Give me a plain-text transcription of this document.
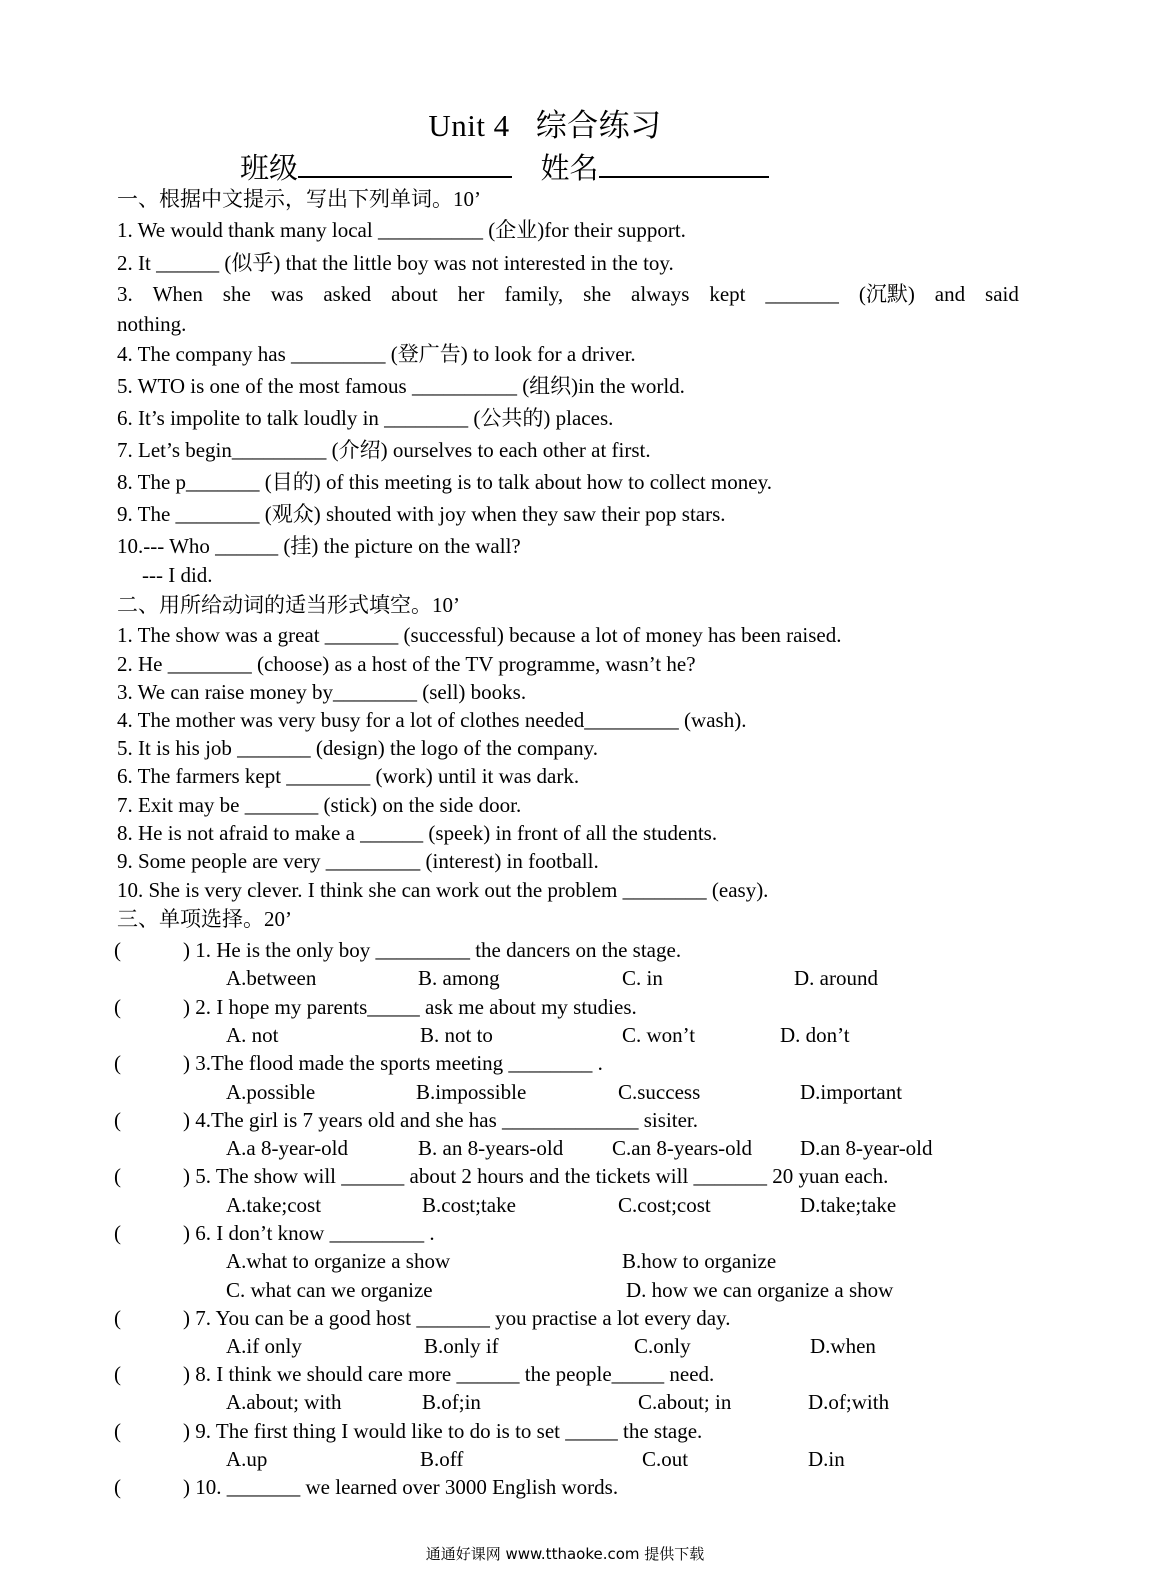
Unit 4 综合练习
班级	姓名
一、根据中文提示，写出下列单词。10’
1. We would thank many local __________ (企业)for their support.
2. It ______ (似乎) that the little boy was not interested in the toy.
3. When she was asked about her family, she always kept _______ (沉默) and said
nothing.
4. The company has _________ (登广告) to look for a driver.
5. WTO is one of the most famous __________ (组织)in the world.
6. It’s impolite to talk loudly in ________ (公共的) places.
7. Let’s begin_________ (介绍) ourselves to each other at first.
8. The p_______ (目的) of this meeting is to talk about how to collect money.
9. The ________ (观众) shouted with joy when they saw their pop stars.
10.--- Who ______ (挂) the picture on the wall?
--- I did.
二、用所给动词的适当形式填空。10’
1. The show was a great _______ (successful) because a lot of money has been raised.
2. He ________ (choose) as a host of the TV programme, wasn’t he?
3. We can raise money by________ (sell) books.
4. The mother was very busy for a lot of clothes needed_________ (wash).
5. It is his job _______ (design) the logo of the company.
6. The farmers kept ________ (work) until it was dark.
7. Exit may be _______ (stick) on the side door.
8. He is not afraid to make a ______ (speek) in front of all the students.
9. Some people are very _________ (interest) in football.
10. She is very clever. I think she can work out the problem ________ (easy).
三、单项选择。20’
(	) 1. He is the only boy _________ the dancers on the stage.
A.between	B. among	C. in	D. around
(	) 2. I hope my parents_____ ask me about my studies.
A. not	B. not to	C. won’t	D. don’t
(	) 3.The flood made the sports meeting ________ .
A.possible	B.impossible	C.success	D.important
(	) 4.The girl is 7 years old and she has _____________ sisiter.
A.a 8-year-old	B. an 8-years-old C.an 8-years-old D.an 8-year-old
(	) 5. The show will ______ about 2 hours and the tickets will _______ 20 yuan each.
A.take;cost	B.cost;take	C.cost;cost	D.take;take
(	) 6. I don’t know _________ .
A.what to organize a show	B.how to organize
C. what can we organize	D. how we can organize a show
(	) 7. You can be a good host _______ you practise a lot every day.
A.if only	B.only if	C.only	D.when
(	) 8. I think we should care more ______ the people_____ need.
A.about; with	B.of;in	C.about; in	D.of;with
(	) 9. The first thing I would like to do is to set _____ the stage.
A.up	B.off	C.out	D.in
(	) 10. _______ we learned over 3000 English words.
通通好课网 www.tthaoke.com 提供下载
